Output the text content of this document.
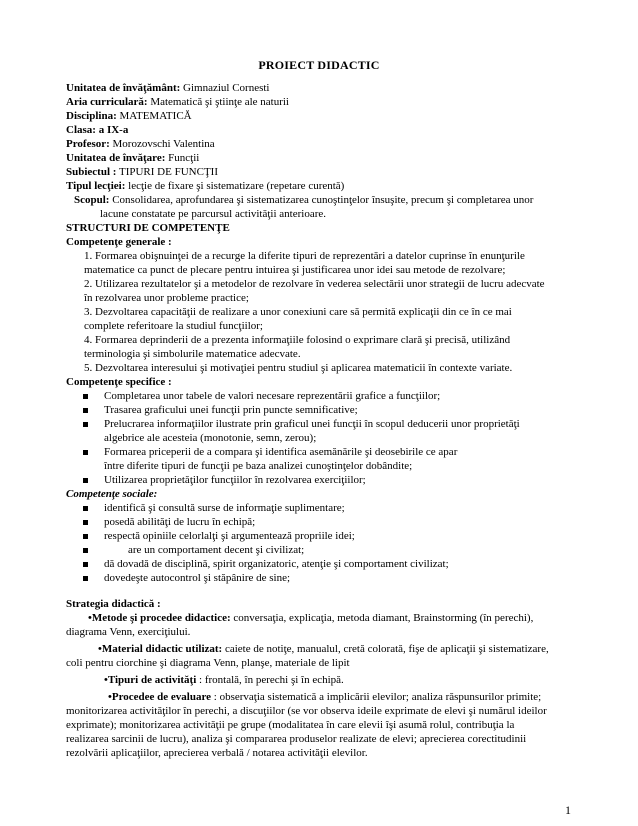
PROIECT DIDACTIC
Unitatea de învăţământ: Gimnaziul Cornesti
Aria curriculară: Matematică şi ştiinţe ale naturii
Disciplina: MATEMATICĂ
Clasa: a IX-a
Profesor: Morozovschi Valentina
Unitatea de învăţare: Funcţii
Subiectul : TIPURI DE FUNCŢII
Tipul lecţiei: lecţie de fixare şi sistematizare (repetare curentă)
Scopul: Consolidarea, aprofundarea şi sistematizarea cunoştinţelor însuşite, precum şi completarea unor
lacune constatate pe parcursul activităţii anterioare.
STRUCTURI DE COMPETENŢE
Competenţe generale :
1. Formarea obişnuinţei de a recurge la diferite tipuri de reprezentări a datelor cuprinse în enunţurile
matematice ca punct de plecare pentru intuirea şi justificarea unor idei sau metode de rezolvare;
2. Utilizarea rezultatelor şi a metodelor de rezolvare în vederea selectării unor strategii de lucru adecvate
în rezolvarea unor probleme practice;
3. Dezvoltarea capacităţii de realizare a unor conexiuni care să permită explicaţii din ce în ce mai
complete referitoare la studiul funcţiilor;
4. Formarea deprinderii de a prezenta informaţiile folosind o exprimare clară şi precisă, utilizând
terminologia şi simbolurile matematice adecvate.
5. Dezvoltarea interesului şi motivaţiei pentru studiul şi aplicarea matematicii în contexte variate.
Competenţe specifice :
Completarea unor tabele de valori necesare reprezentării grafice a funcţiilor;
Trasarea graficului unei funcţii prin puncte semnificative;
Prelucrarea informaţiilor ilustrate prin graficul unei funcţii în scopul deducerii unor proprietăţi
algebrice ale acesteia (monotonie, semn, zerou);
Formarea priceperii de a compara şi identifica asemănările şi deosebirile ce apar
între diferite tipuri de funcţii pe baza analizei cunoştinţelor dobândite;
Utilizarea proprietăţilor funcţiilor în rezolvarea exerciţiilor;
Competenţe sociale:
identifică şi consultă surse de informaţie suplimentare;
posedă abilităţi de lucru în echipă;
respectă opiniile celorlalţi şi argumentează propriile idei;
are un comportament decent şi civilizat;
dă dovadă de disciplină, spirit organizatoric, atenţie şi comportament civilizat;
dovedeşte autocontrol şi stăpânire de sine;
Strategia didactică :
•Metode şi procedee didactice: conversaţia, explicaţia, metoda diamant, Brainstorming (în perechi),
diagrama Venn, exerciţiului.
•Material didactic utilizat: caiete de notiţe, manualul, cretă colorată, fişe de aplicaţii şi sistematizare,
coli pentru ciorchine şi diagrama Venn, planşe, materiale de lipit
•Tipuri de activităţi : frontală, în perechi şi în echipă.
•Procedee de evaluare : observaţia sistematică a implicării elevilor; analiza răspunsurilor primite;
monitorizarea activităţilor în perechi, a discuţiilor (se vor observa ideile exprimate de elevi şi numărul ideilor
exprimate); monitorizarea activităţii pe grupe (modalitatea în care elevii îşi asumă rolul, contribuţia la
realizarea sarcinii de lucru), analiza şi compararea produselor realizate de elevi; aprecierea corectitudinii
rezolvării aplicaţiilor, aprecierea verbală / notarea activităţii elevilor.
1
